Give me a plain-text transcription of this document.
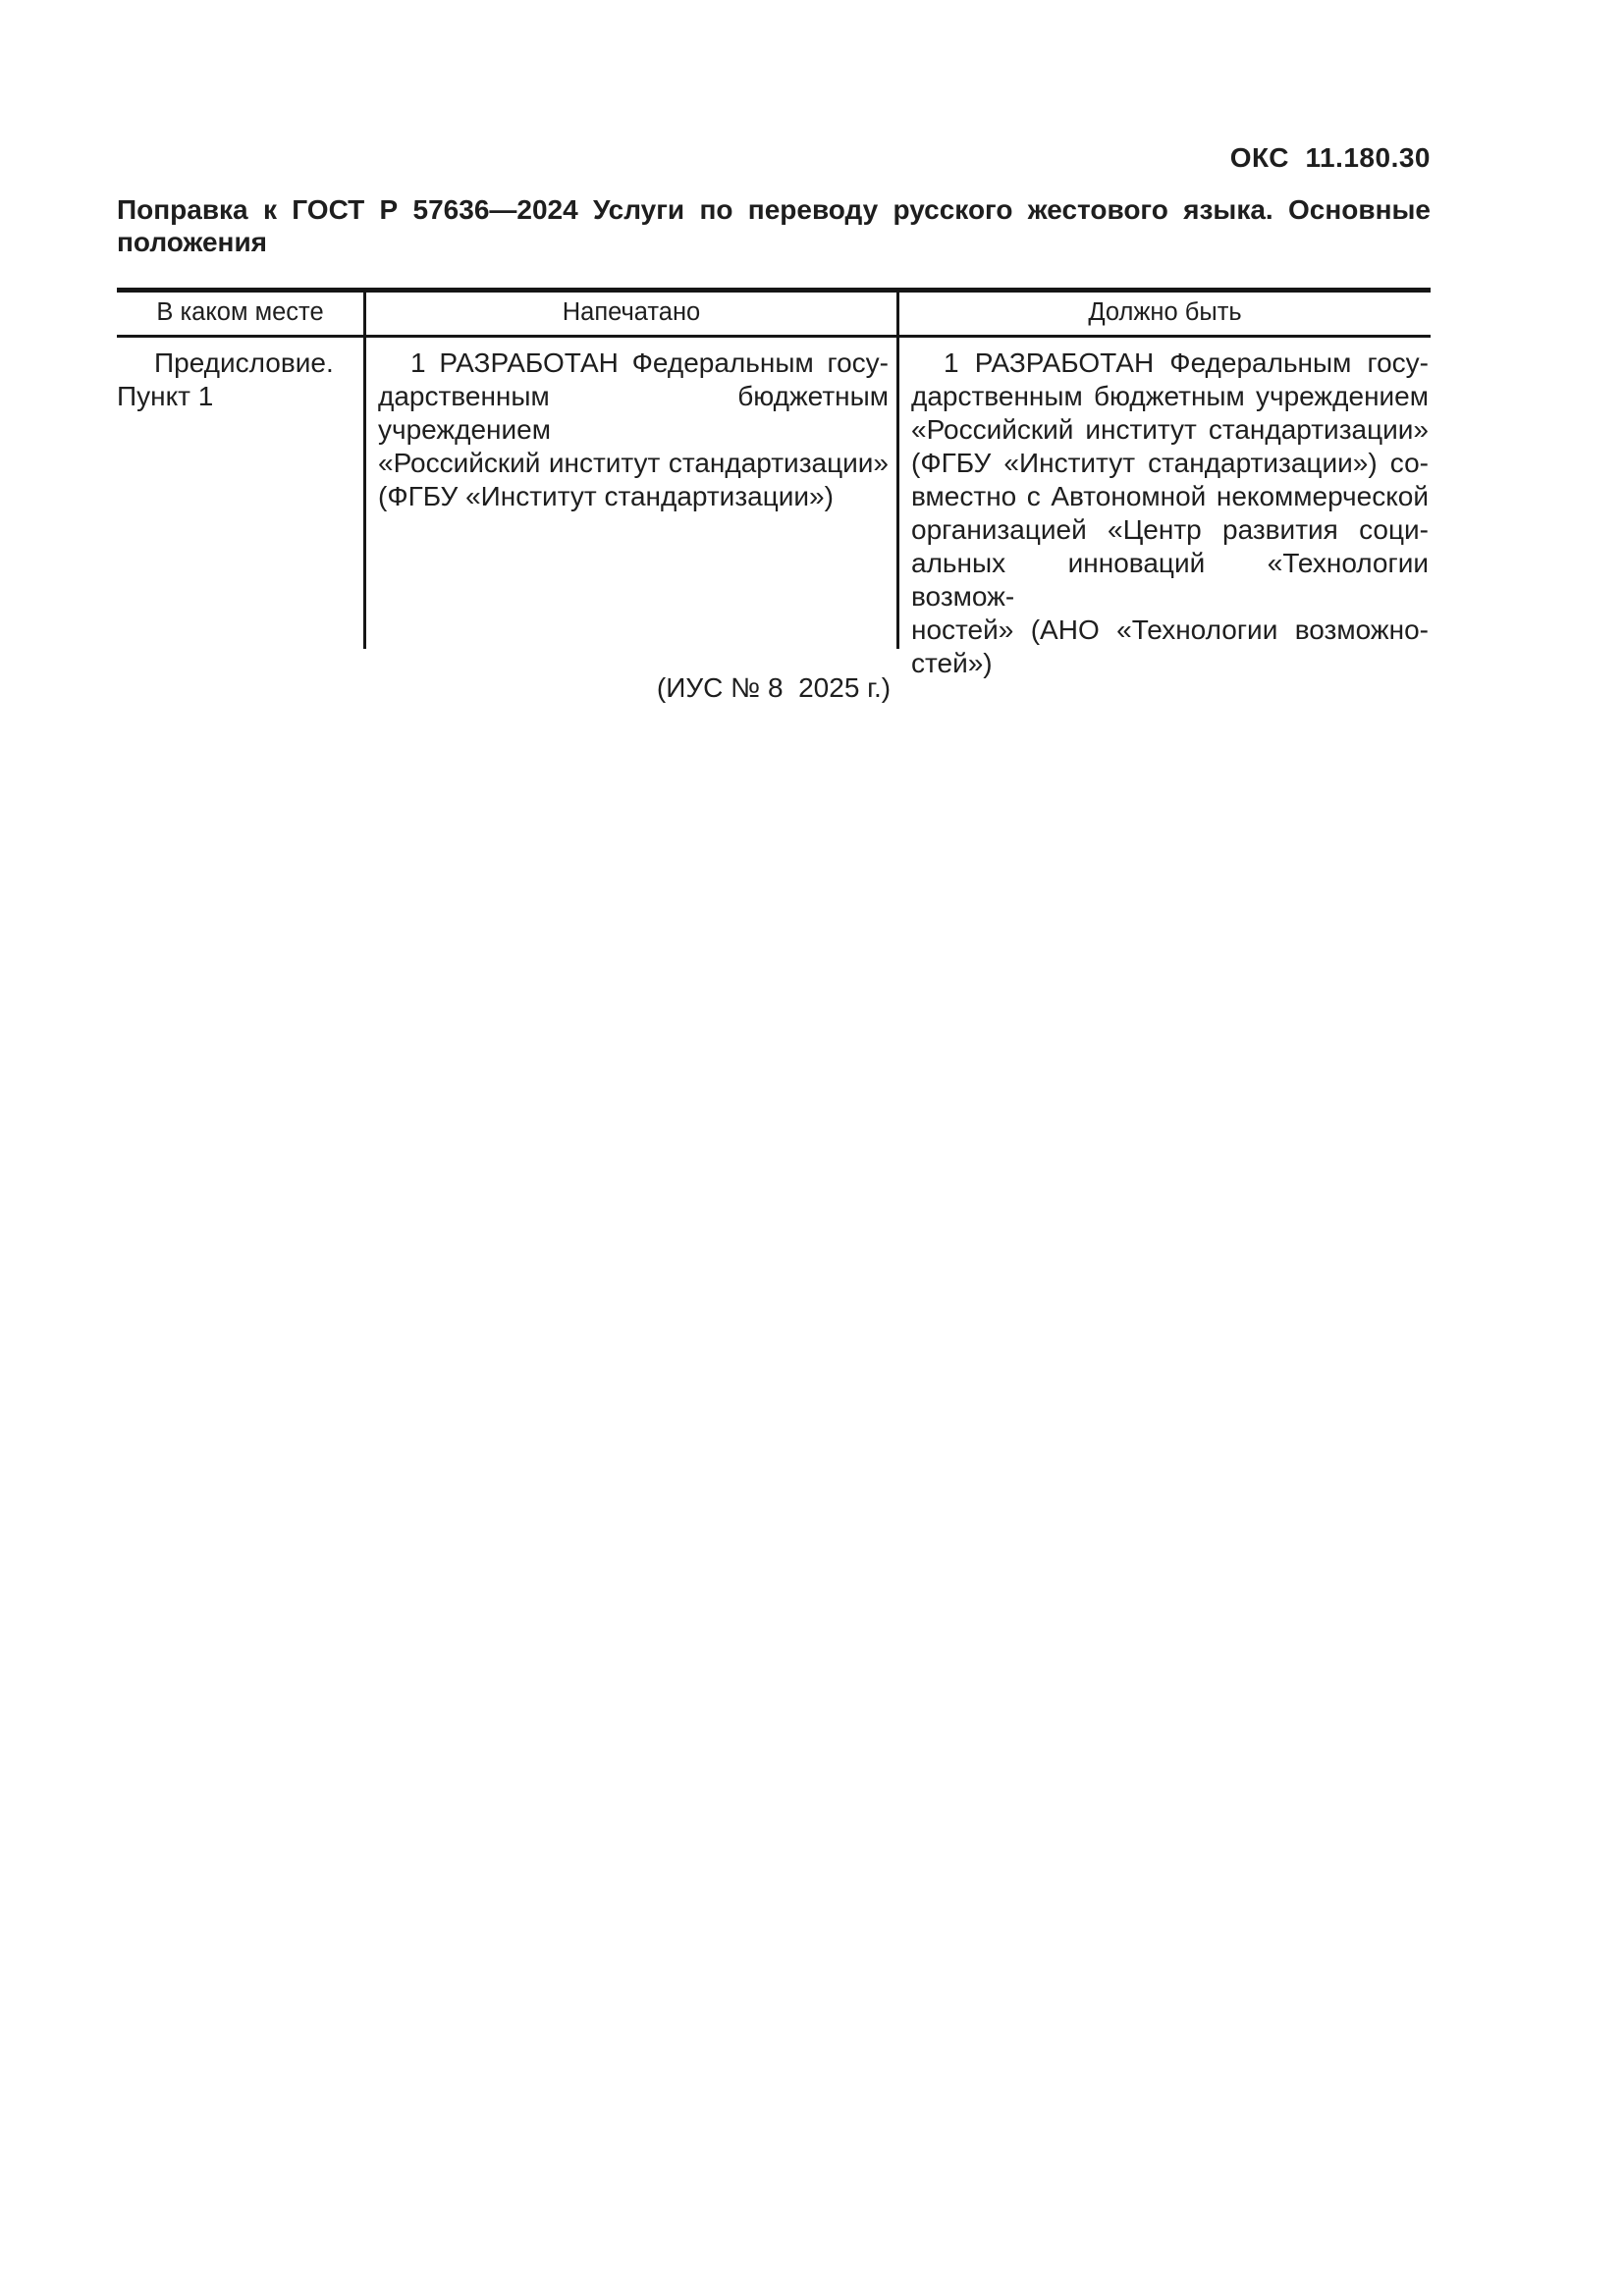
ОКС  11.180.30
Поправка к ГОСТ Р 57636—2024 Услуги по переводу русского жестового языка. Основные
положения
В каком месте	Напечатано	Должно быть
Предисловие.
Пункт 1
1 РАЗРАБОТАН Федеральным госу-
дарственным бюджетным учреждением
«Российский институт стандартизации»
(ФГБУ «Институт стандартизации»)
1 РАЗРАБОТАН Федеральным госу-
дарственным бюджетным учреждением
«Российский институт стандартизации»
(ФГБУ «Институт стандартизации») со-
вместно с Автономной некоммерческой
организацией «Центр развития соци-
альных инноваций «Технологии возмож-
ностей» (АНО «Технологии возможно-
стей»)
(ИУС № 8  2025 г.)
